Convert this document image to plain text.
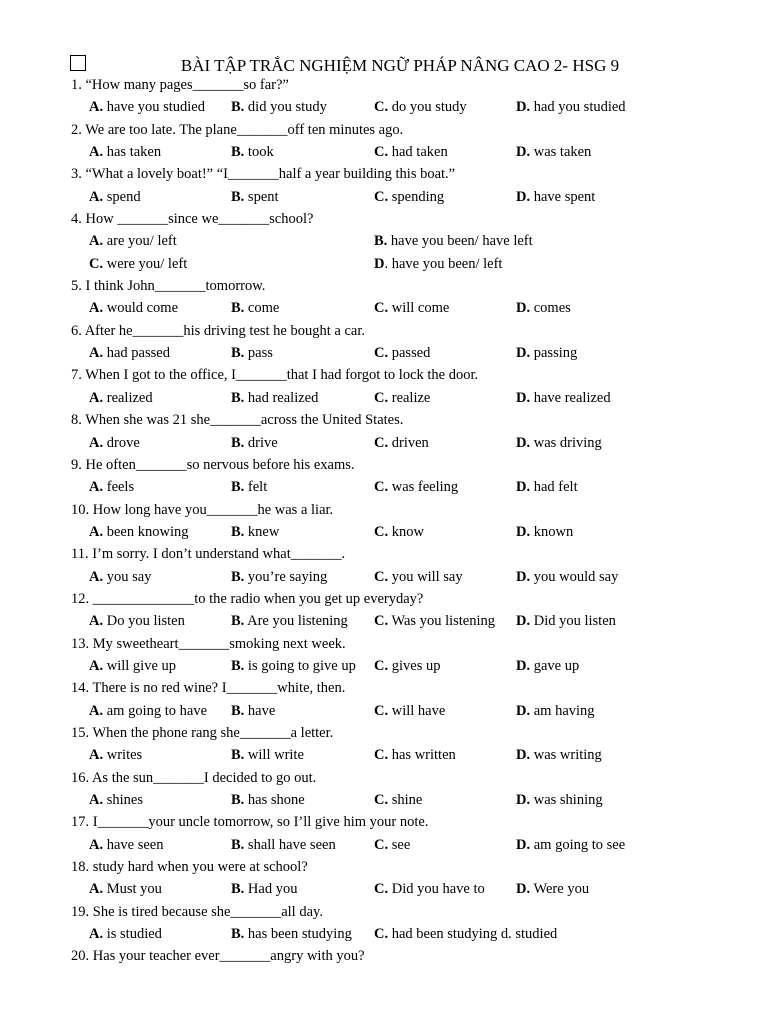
BÀI TẬP TRẮC NGHIỆM NGỮ PHÁP NÂNG CAO 2- HSG 9
1. “How many pages_______so far?”
A. have you studied B. did you study	C. do you study	D. had you studied
2. We are too late. The plane_______off ten minutes ago.
A. has taken	B. took	C. had taken	D. was taken
3. “What a lovely boat!” “I_______half a year building this boat.”
A. spend	B. spent	C. spending	D. have spent
4. How _______since we_______school?
A. are you/ left	B. have you been/ have left
C. were you/ left	D. have you been/ left
5. I think John_______tomorrow.
A. would come	B. come	C. will come	D. comes
6. After he_______his driving test he bought a car.
A. had passed	B. pass	C. passed	D. passing
7. When I got to the office, I_______that I had forgot to lock the door.
A. realized	B. had realized	C. realize	D. have realized
8. When she was 21 she_______across the United States.
A. drove	B. drive	C. driven	D. was driving
9. He often_______so nervous before his exams.
A. feels	B. felt	C. was feeling	D. had felt
10. How long have you_______he was a liar.
A. been knowing	B. knew	C. know	D. known
11. I’m sorry. I don’t understand what_______.
A. you say	B. you’re saying	C. you will say	D. you would say
12. ______________to the radio when you get up everyday?
A. Do you listen	B. Are you listening C. Was you listening D. Did you listen
13. My sweetheart_______smoking next week.
A. will give up	B. is going to give up C. gives up	D. gave up
14. There is no red wine? I_______white, then.
A. am going to have B. have	C. will have	D. am having
15. When the phone rang she_______a letter.
A. writes	B. will write	C. has written	D. was writing
16. As the sun_______I decided to go out.
A. shines	B. has shone	C. shine	D. was shining
17. I_______your uncle tomorrow, so I’ll give him your note.
A. have seen	B. shall have seen	C. see	D. am going to see
18. study hard when you were at school?
A. Must you	B. Had you	C. Did you have to D. Were you
19. She is tired because she_______all day.
A. is studied	B. has been studying C. had been studying d. studied
20. Has your teacher ever_______angry with you?
